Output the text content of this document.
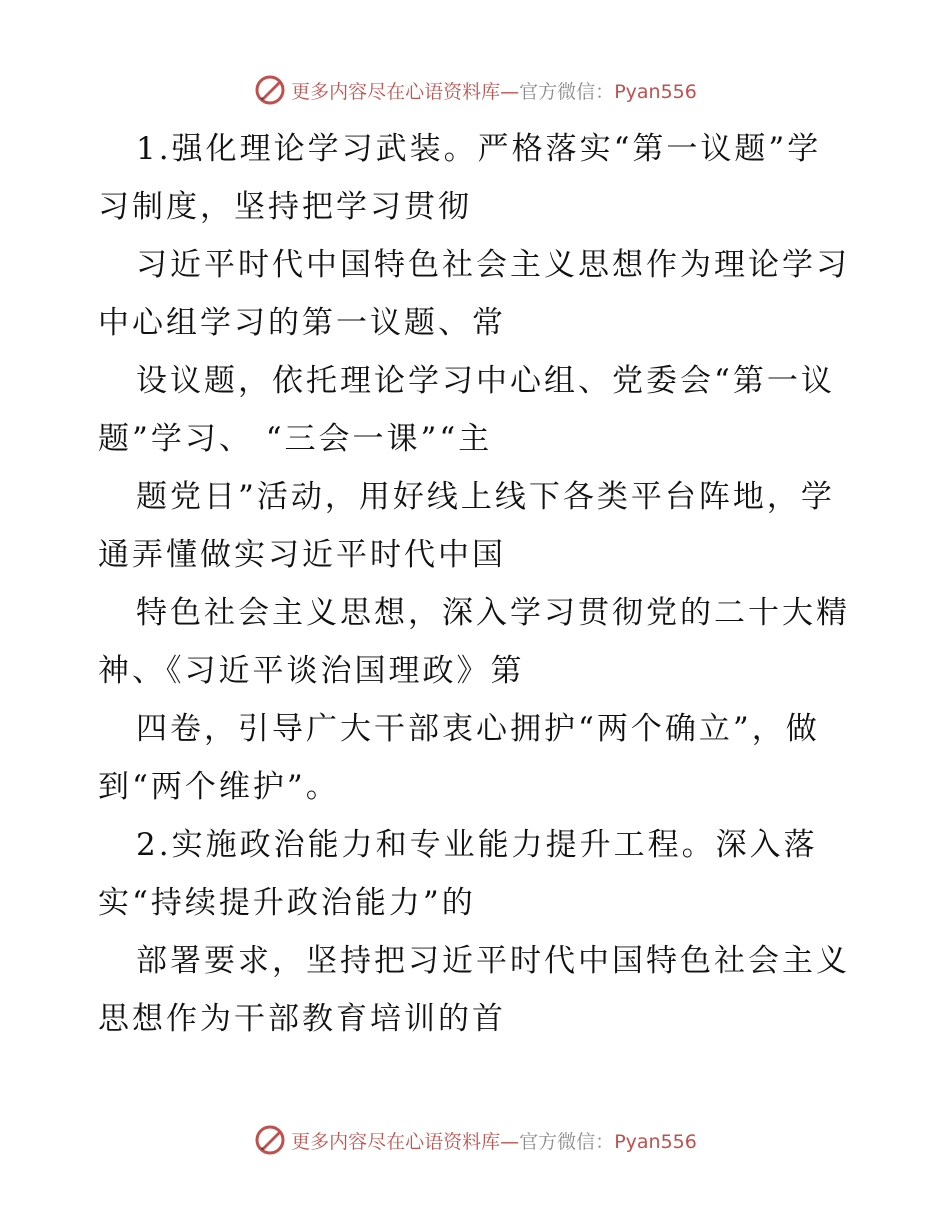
更多内容尽在心语资料库—官方微信：Pyan556

1.强化理论学习武装。严格落实“第一议题”学

习制度，坚持把学习贯彻

习近平时代中国特色社会主义思想作为理论学习

中心组学习的第一议题、常

设议题，依托理论学习中心组、党委会“第一议

题”学习、 “三会一课”“主

题党日”活动，用好线上线下各类平台阵地，学

通弄懂做实习近平时代中国

特色社会主义思想，深入学习贯彻党的二十大精

神、《习近平谈治国理政》第

四卷，引导广大干部衷心拥护“两个确立”，做

到“两个维护”。

2.实施政治能力和专业能力提升工程。深入落

实“持续提升政治能力”的

部署要求，坚持把习近平时代中国特色社会主义

思想作为干部教育培训的首

更多内容尽在心语资料库—官方微信：Pyan556
